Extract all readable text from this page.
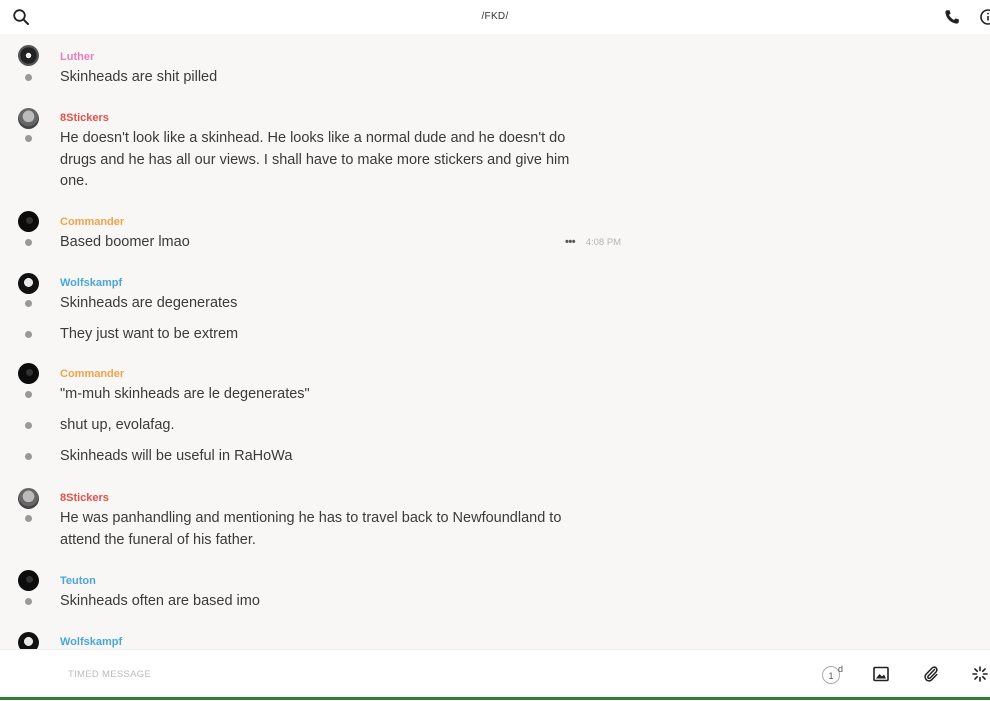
/FKD/
Luther
Skinheads are shit pilled
8Stickers
He doesn't look like a skinhead. He looks like a normal dude and he doesn't do drugs and he has all our views. I shall have to make more stickers and give him one.
Commander
Based boomer lmao	••• 4:08 PM
Wolfskampf
Skinheads are degenerates
They just want to be extrem
Commander
"m-muh skinheads are le degenerates"
shut up, evolafag.
Skinheads will be useful in RaHoWa
8Stickers
He was panhandling and mentioning he has to travel back to Newfoundland to attend the funeral of his father.
Teuton
Skinheads often are based imo
Wolfskampf
TIMED MESSAGE
1
d
